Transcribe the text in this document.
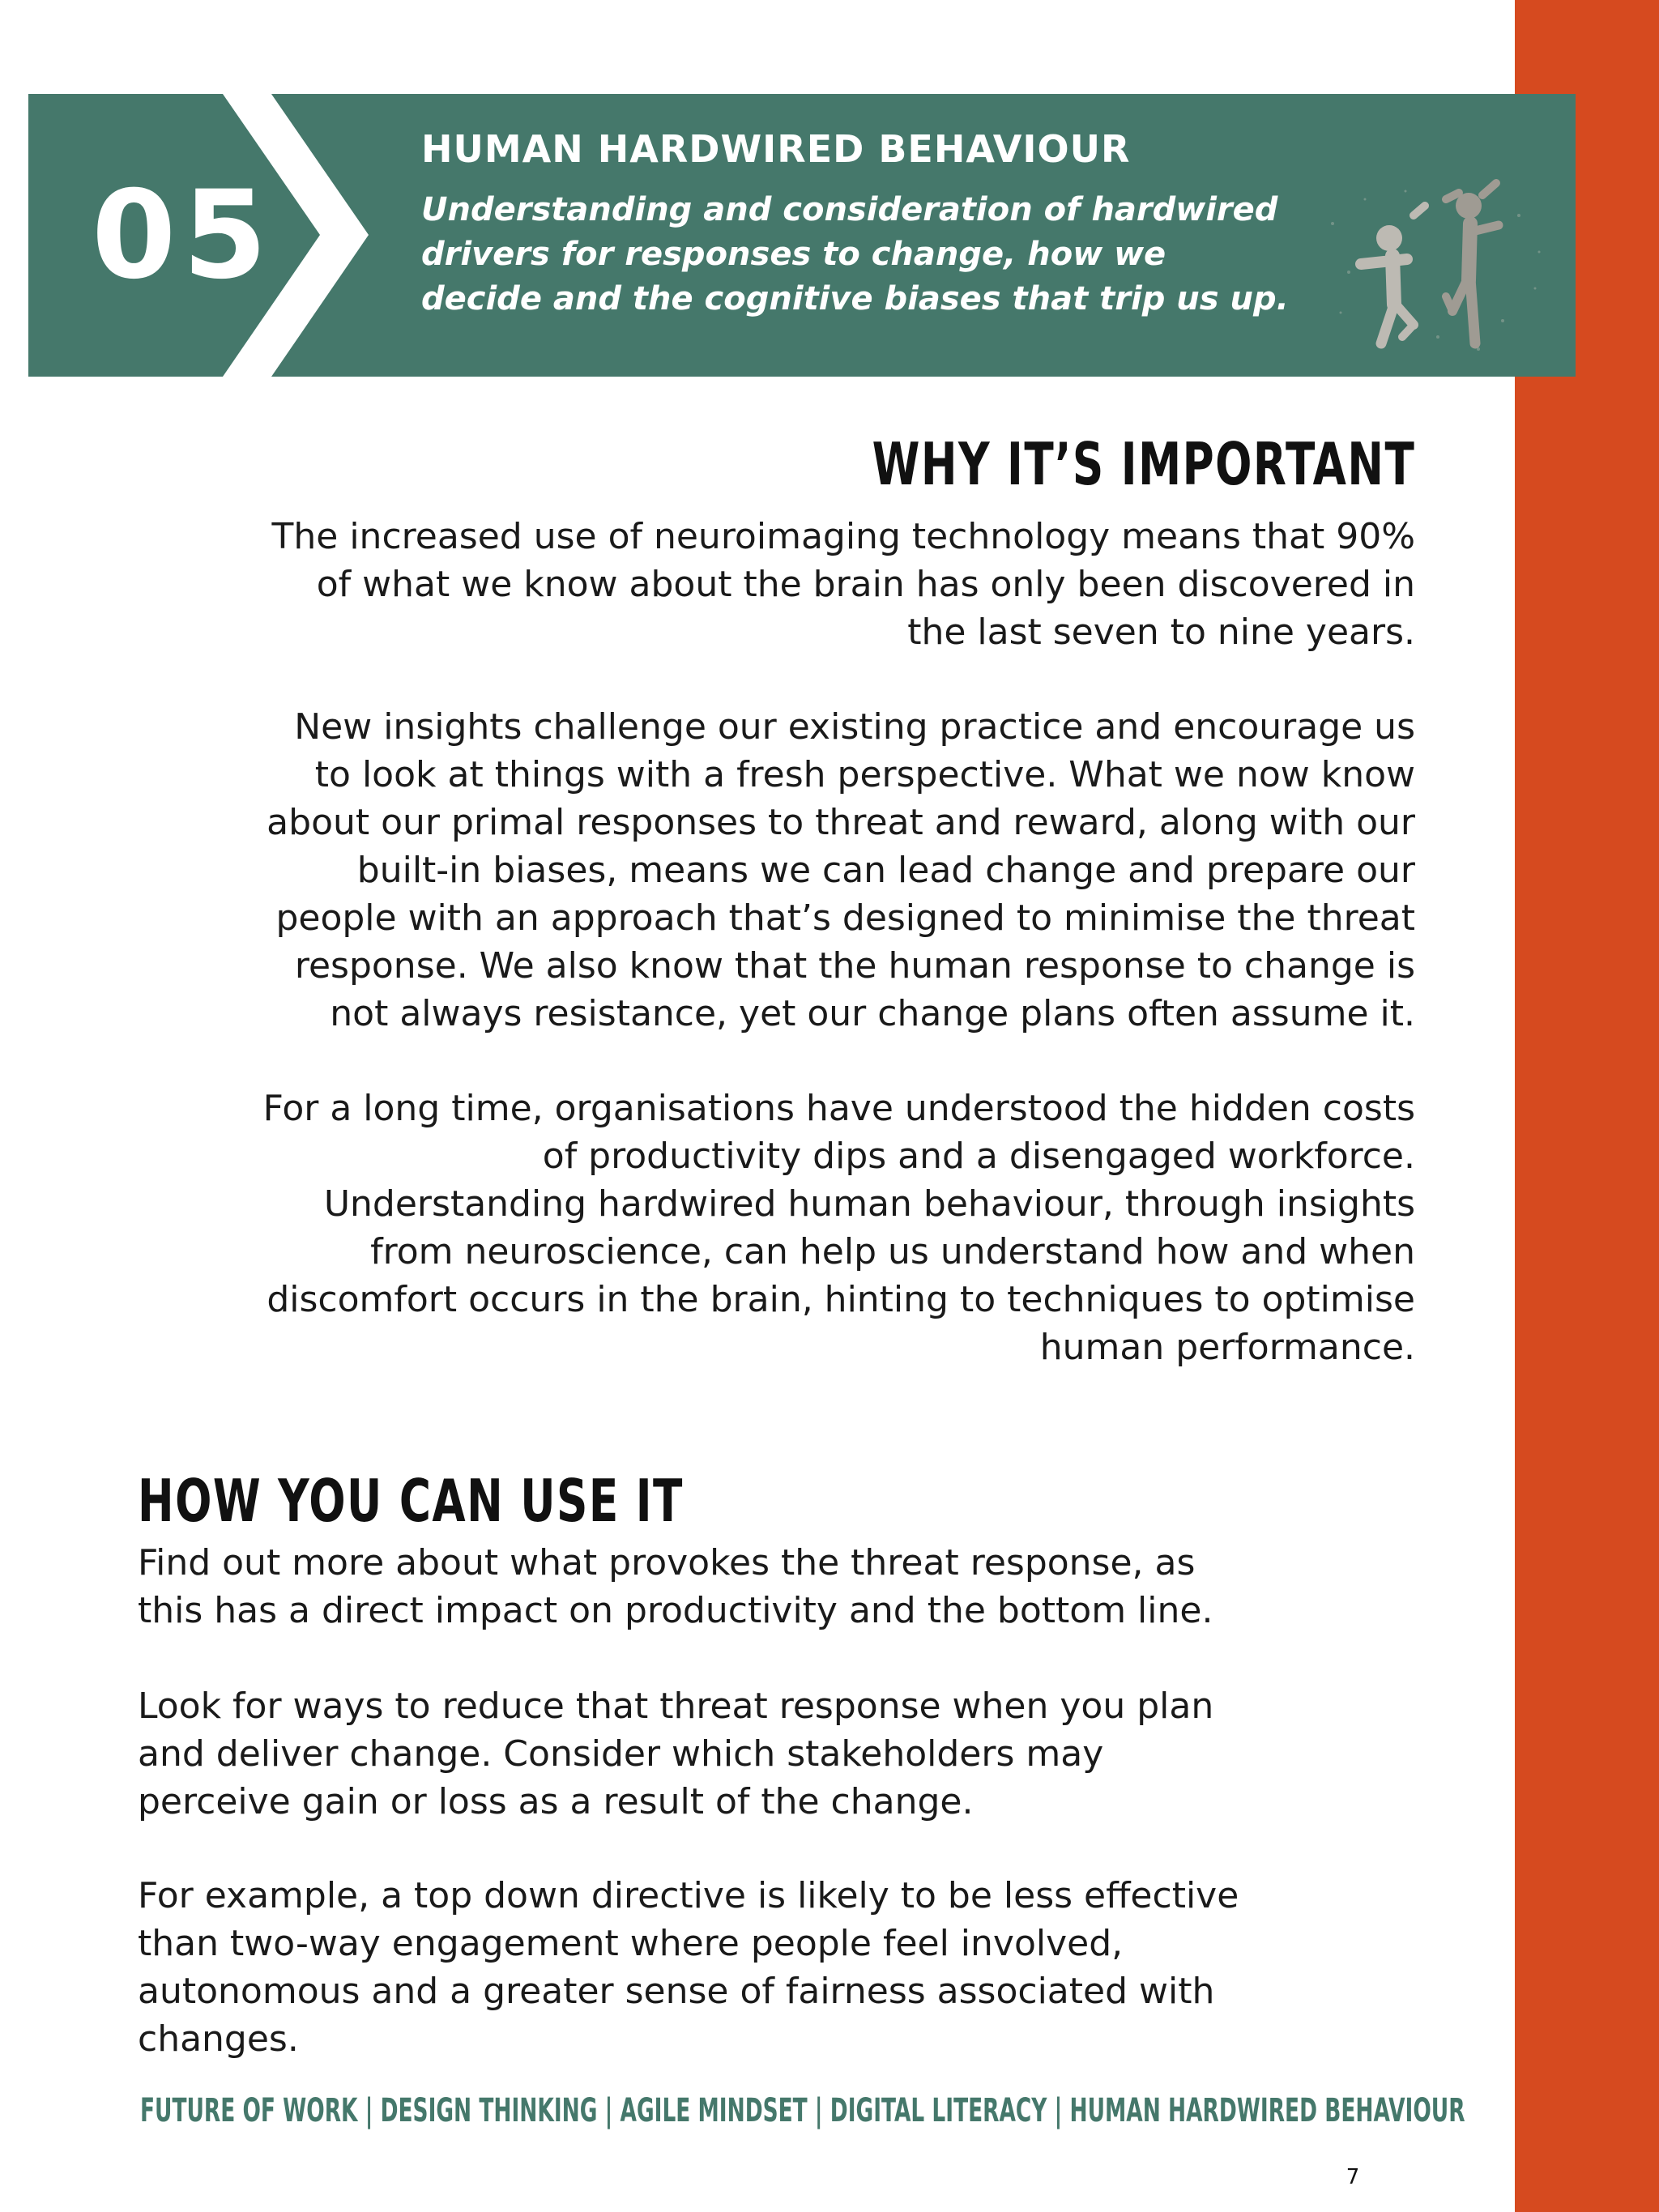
05
HUMAN HARDWIRED BEHAVIOUR
Understanding and consideration of hardwired
drivers for responses to change, how we
decide and the cognitive biases that trip us up.
WHY IT’S IMPORTANT
The increased use of neuroimaging technology means that 90%
of what we know about the brain has only been discovered in
the last seven to nine years.
New insights challenge our existing practice and encourage us
to look at things with a fresh perspective. What we now know
about our primal responses to threat and reward, along with our
built-in biases, means we can lead change and prepare our
people with an approach that’s designed to minimise the threat
response. We also know that the human response to change is
not always resistance, yet our change plans often assume it.
For a long time, organisations have understood the hidden costs
of productivity dips and a disengaged workforce.
Understanding hardwired human behaviour, through insights
from neuroscience, can help us understand how and when
discomfort occurs in the brain, hinting to techniques to optimise
human performance.
HOW YOU CAN USE IT
Find out more about what provokes the threat response, as
this has a direct impact on productivity and the bottom line.
Look for ways to reduce that threat response when you plan
and deliver change. Consider which stakeholders may
perceive gain or loss as a result of the change.
For example, a top down directive is likely to be less effective
than two-way engagement where people feel involved,
autonomous and a greater sense of fairness associated with
changes.
FUTURE OF WORK | DESIGN THINKING | AGILE MINDSET | DIGITAL LITERACY | HUMAN HARDWIRED BEHAVIOUR
7
